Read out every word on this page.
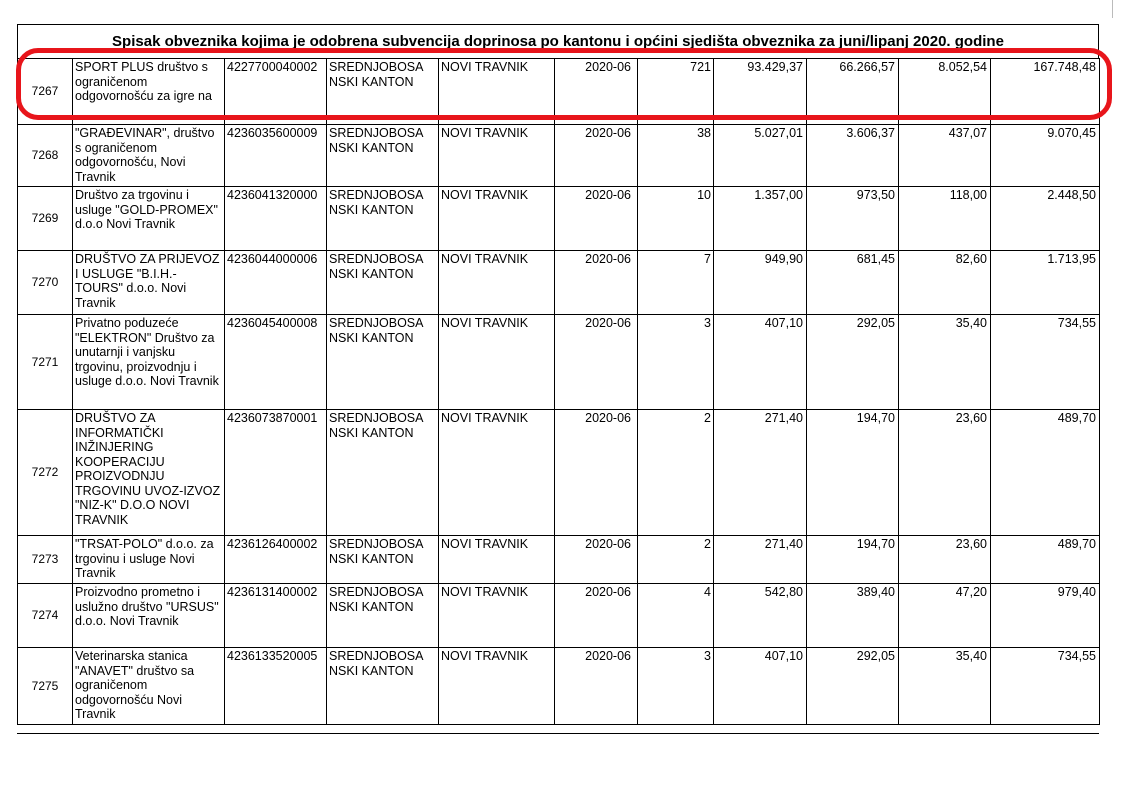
Spisak obveznika kojima je odobrena subvencija doprinosa po kantonu i općini sjedišta obveznika za juni/lipanj 2020. godine
7267	SPORT PLUS društvo s ograničenom odgovornošću za igre na	4227700040002	SREDNJOBOSA NSKI KANTON	NOVI TRAVNIK	2020-06	721	93.429,37	66.266,57	8.052,54	167.748,48
7268	"GRAĐEVINAR", društvo s ograničenom odgovornošću, Novi Travnik	4236035600009	SREDNJOBOSA NSKI KANTON	NOVI TRAVNIK	2020-06	38	5.027,01	3.606,37	437,07	9.070,45
7269	Društvo za trgovinu i usluge "GOLD-PROMEX" d.o.o Novi Travnik	4236041320000	SREDNJOBOSA NSKI KANTON	NOVI TRAVNIK	2020-06	10	1.357,00	973,50	118,00	2.448,50
7270	DRUŠTVO ZA PRIJEVOZ I USLUGE "B.I.H.-TOURS" d.o.o. Novi Travnik	4236044000006	SREDNJOBOSA NSKI KANTON	NOVI TRAVNIK	2020-06	7	949,90	681,45	82,60	1.713,95
7271	Privatno poduzeće "ELEKTRON" Društvo za unutarnji i vanjsku trgovinu, proizvodnju i usluge d.o.o. Novi Travnik	4236045400008	SREDNJOBOSA NSKI KANTON	NOVI TRAVNIK	2020-06	3	407,10	292,05	35,40	734,55
7272	DRUŠTVO ZA INFORMATIČKI INŽINJERING KOOPERACIJU PROIZVODNJU TRGOVINU UVOZ-IZVOZ "NIZ-K" D.O.O NOVI TRAVNIK	4236073870001	SREDNJOBOSA NSKI KANTON	NOVI TRAVNIK	2020-06	2	271,40	194,70	23,60	489,70
7273	"TRSAT-POLO" d.o.o. za trgovinu i usluge Novi Travnik	4236126400002	SREDNJOBOSA NSKI KANTON	NOVI TRAVNIK	2020-06	2	271,40	194,70	23,60	489,70
7274	Proizvodno prometno i uslužno društvo "URSUS" d.o.o. Novi Travnik	4236131400002	SREDNJOBOSA NSKI KANTON	NOVI TRAVNIK	2020-06	4	542,80	389,40	47,20	979,40
7275	Veterinarska stanica "ANAVET" društvo sa ograničenom odgovornošću Novi Travnik	4236133520005	SREDNJOBOSA NSKI KANTON	NOVI TRAVNIK	2020-06	3	407,10	292,05	35,40	734,55
